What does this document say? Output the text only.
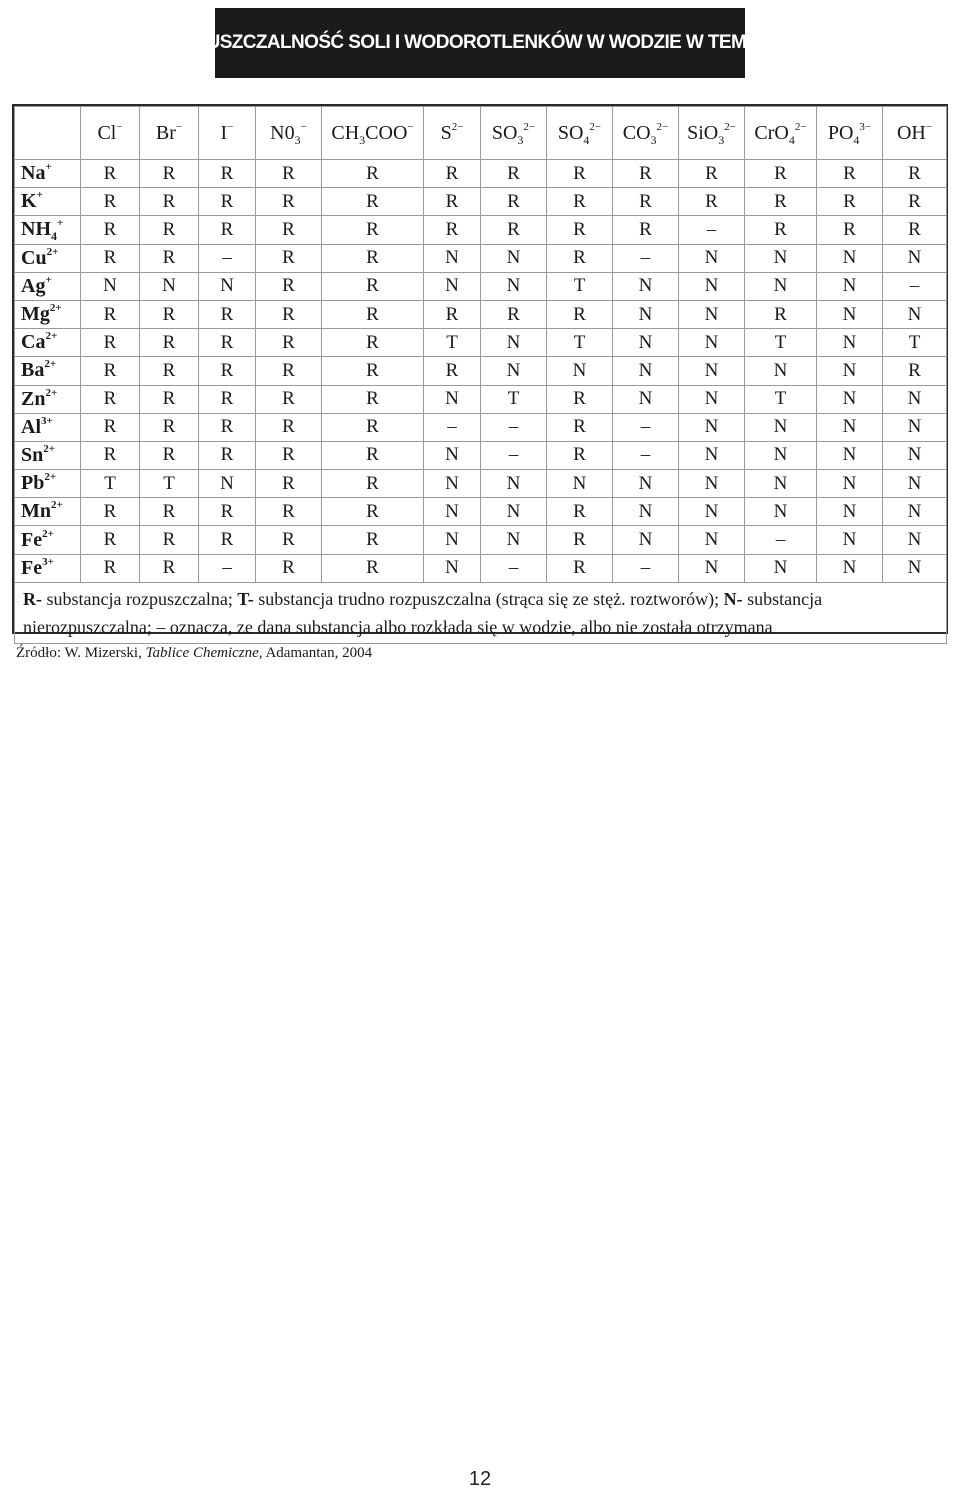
ROZPUSZCZALNOŚĆ SOLI I WODOROTLENKÓW W WODZIE W TEMP. $25^0$ C
	Cl−	Br−	I−	$N0_3^-$	$CH_3COO^-$	$S^{2-}$	$SO_3^{2-}$	$SO_4^{2-}$	$CO_3^{2-}$	SiO$_3^{2-}$	CrO$_4^{2-}$	$PO_4^{3-}$	OH−
Na+	R	R	R	R	R	R	R	R	R	R	R	R	R
K+	R	R	R	R	R	R	R	R	R	R	R	R	R
$NH_4^+$	R	R	R	R	R	R	R	R	R	–	R	R	R
$Cu^{2+}$	R	R	–	R	R	N	N	R	–	N	N	N	N
Ag+	N	N	N	R	R	N	N	T	N	N	N	N	–
$Mg^{2+}$	R	R	R	R	R	R	R	R	N	N	R	N	N
$Ca^{2+}$	R	R	R	R	R	T	N	T	N	N	T	N	T
$Ba^{2+}$	R	R	R	R	R	R	N	N	N	N	N	N	R
$Zn^{2+}$	R	R	R	R	R	N	T	R	N	N	T	N	N
$Al^{3+}$	R	R	R	R	R	–	–	R	–	N	N	N	N
$Sn^{2+}$	R	R	R	R	R	N	–	R	–	N	N	N	N
$Pb^{2+}$	T	T	N	R	R	N	N	N	N	N	N	N	N
$Mn^{2+}$	R	R	R	R	R	N	N	R	N	N	N	N	N
$Fe^{2+}$	R	R	R	R	R	N	N	R	N	N	–	N	N
$Fe^{3+}$	R	R	–	R	R	N	–	R	–	N	N	N	N
R- substancja rozpuszczalna; T- substancja trudno rozpuszczalna (strąca się ze stęż. roztworów); N- substancja nierozpuszczalna; – oznacza, ze dana substancja albo rozkłada się w wodzie, albo nie została otrzymana													
Źródło: W. Mizerski, Tablice Chemiczne, Adamantan, 2004
12
